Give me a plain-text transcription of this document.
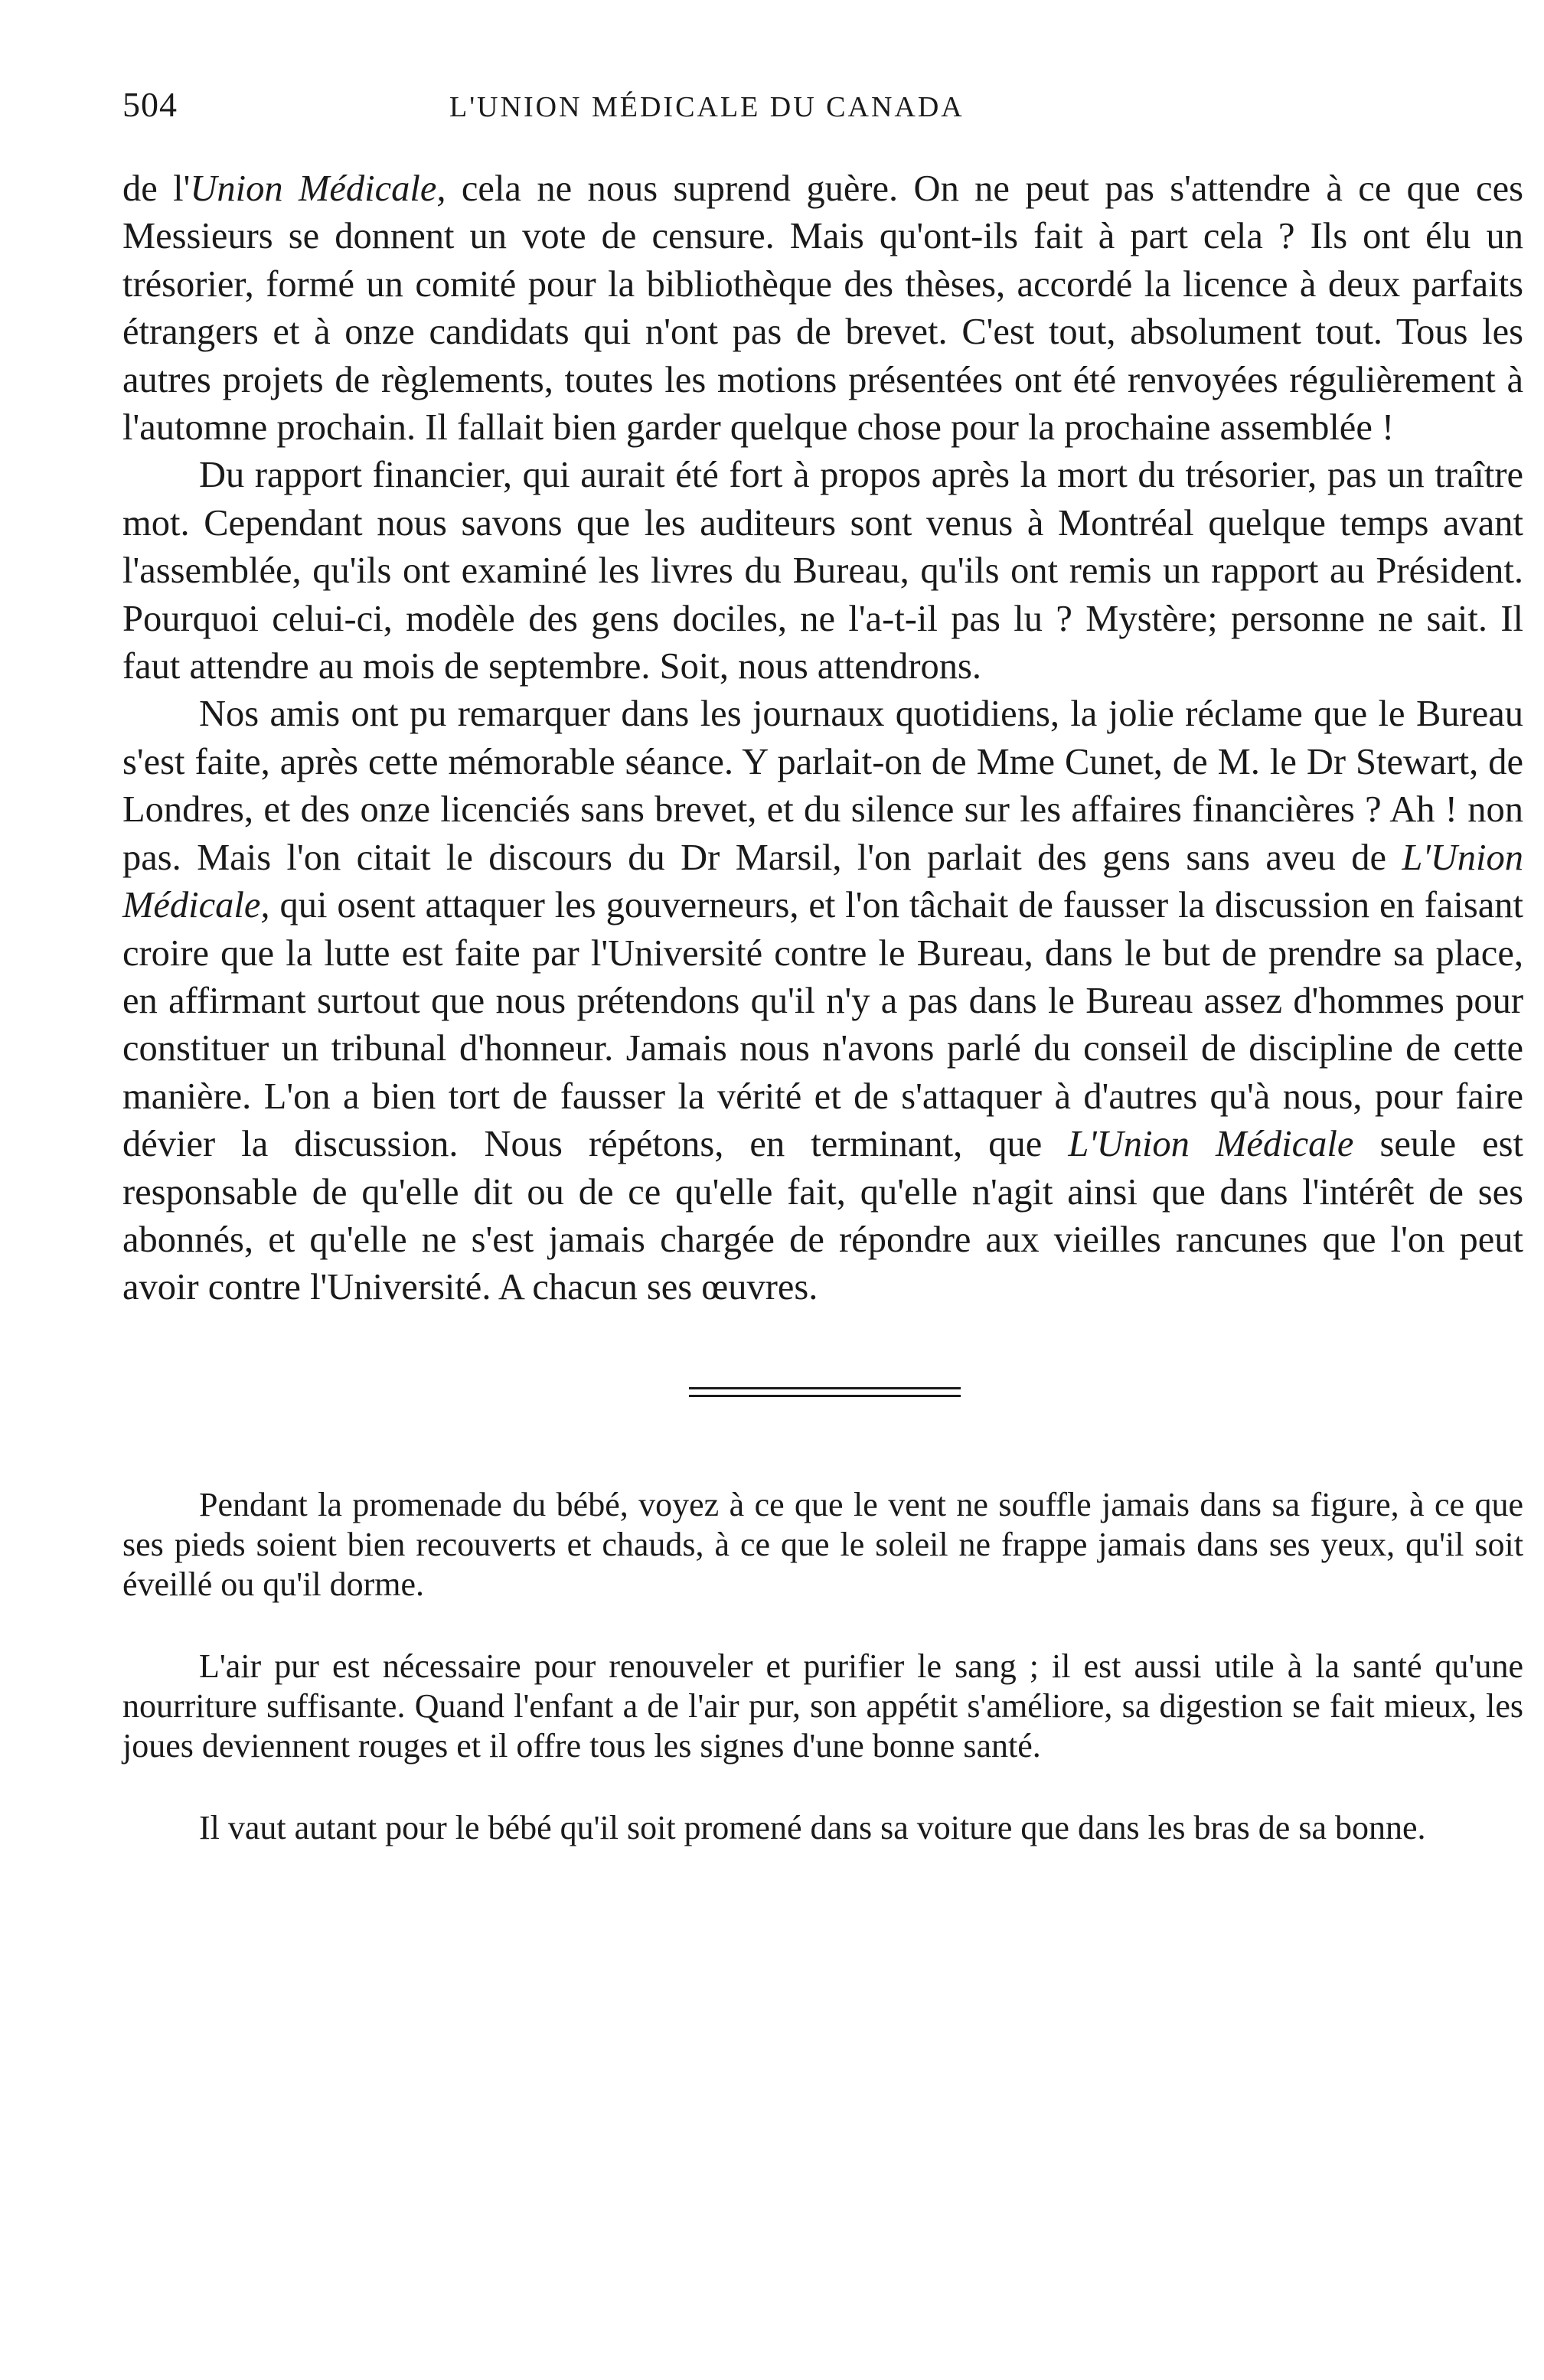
504	L'UNION MÉDICALE DU CANADA

de l'Union Médicale, cela ne nous suprend guère. On ne peut pas s'attendre à ce que ces Messieurs se donnent un vote de censure. Mais qu'ont-ils fait à part cela ? Ils ont élu un trésorier, formé un comité pour la bibliothèque des thèses, accordé la licence à deux parfaits étrangers et à onze candidats qui n'ont pas de brevet. C'est tout, absolument tout. Tous les autres projets de règlements, toutes les motions présentées ont été renvoyées régulièrement à l'automne prochain. Il fallait bien garder quelque chose pour la prochaine assemblée !

Du rapport financier, qui aurait été fort à propos après la mort du trésorier, pas un traître mot. Cependant nous savons que les auditeurs sont venus à Montréal quelque temps avant l'assemblée, qu'ils ont examiné les livres du Bureau, qu'ils ont remis un rapport au Président. Pourquoi celui-ci, modèle des gens dociles, ne l'a-t-il pas lu ? Mystère; personne ne sait. Il faut attendre au mois de septembre. Soit, nous attendrons.

Nos amis ont pu remarquer dans les journaux quotidiens, la jolie réclame que le Bureau s'est faite, après cette mémorable séance. Y parlait-on de Mme Cunet, de M. le Dr Stewart, de Londres, et des onze licenciés sans brevet, et du silence sur les affaires financières ? Ah ! non pas. Mais l'on citait le discours du Dr Marsil, l'on parlait des gens sans aveu de L'Union Médicale, qui osent attaquer les gouverneurs, et l'on tâchait de fausser la discussion en faisant croire que la lutte est faite par l'Université contre le Bureau, dans le but de prendre sa place, en affirmant surtout que nous prétendons qu'il n'y a pas dans le Bureau assez d'hommes pour constituer un tribunal d'honneur. Jamais nous n'avons parlé du conseil de discipline de cette manière. L'on a bien tort de fausser la vérité et de s'attaquer à d'autres qu'à nous, pour faire dévier la discussion. Nous répétons, en terminant, que L'Union Médicale seule est responsable de qu'elle dit ou de ce qu'elle fait, qu'elle n'agit ainsi que dans l'intérêt de ses abonnés, et qu'elle ne s'est jamais chargée de répondre aux vieilles rancunes que l'on peut avoir contre l'Université. A chacun ses œuvres.

Pendant la promenade du bébé, voyez à ce que le vent ne souffle jamais dans sa figure, à ce que ses pieds soient bien recouverts et chauds, à ce que le soleil ne frappe jamais dans ses yeux, qu'il soit éveillé ou qu'il dorme.

L'air pur est nécessaire pour renouveler et purifier le sang ; il est aussi utile à la santé qu'une nourriture suffisante. Quand l'enfant a de l'air pur, son appétit s'améliore, sa digestion se fait mieux, les joues deviennent rouges et il offre tous les signes d'une bonne santé.

Il vaut autant pour le bébé qu'il soit promené dans sa voiture que dans les bras de sa bonne.
